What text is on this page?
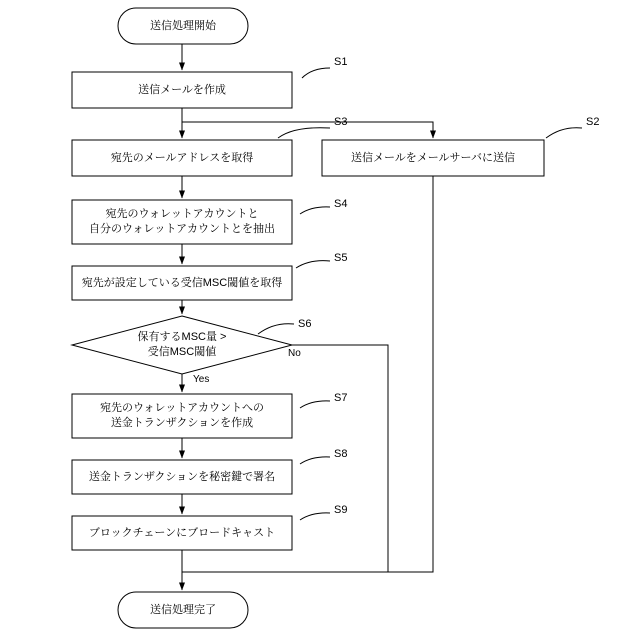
送信処理開始
送信メールを作成
宛先のメールアドレスを取得	送信メールをメールサーバに送信
宛先のウォレットアカウントと
自分のウォレットアカウントとを抽出
宛先が設定している受信MSC閾値を取得
保有するMSC量 >
受信MSC閾値
宛先のウォレットアカウントへの
送金トランザクションを作成
送金トランザクションを秘密鍵で署名
ブロックチェーンにブロードキャスト
送信処理完了
S1
S3	S2
S4
S5
S6
S7
S8
S9
No
Yes
